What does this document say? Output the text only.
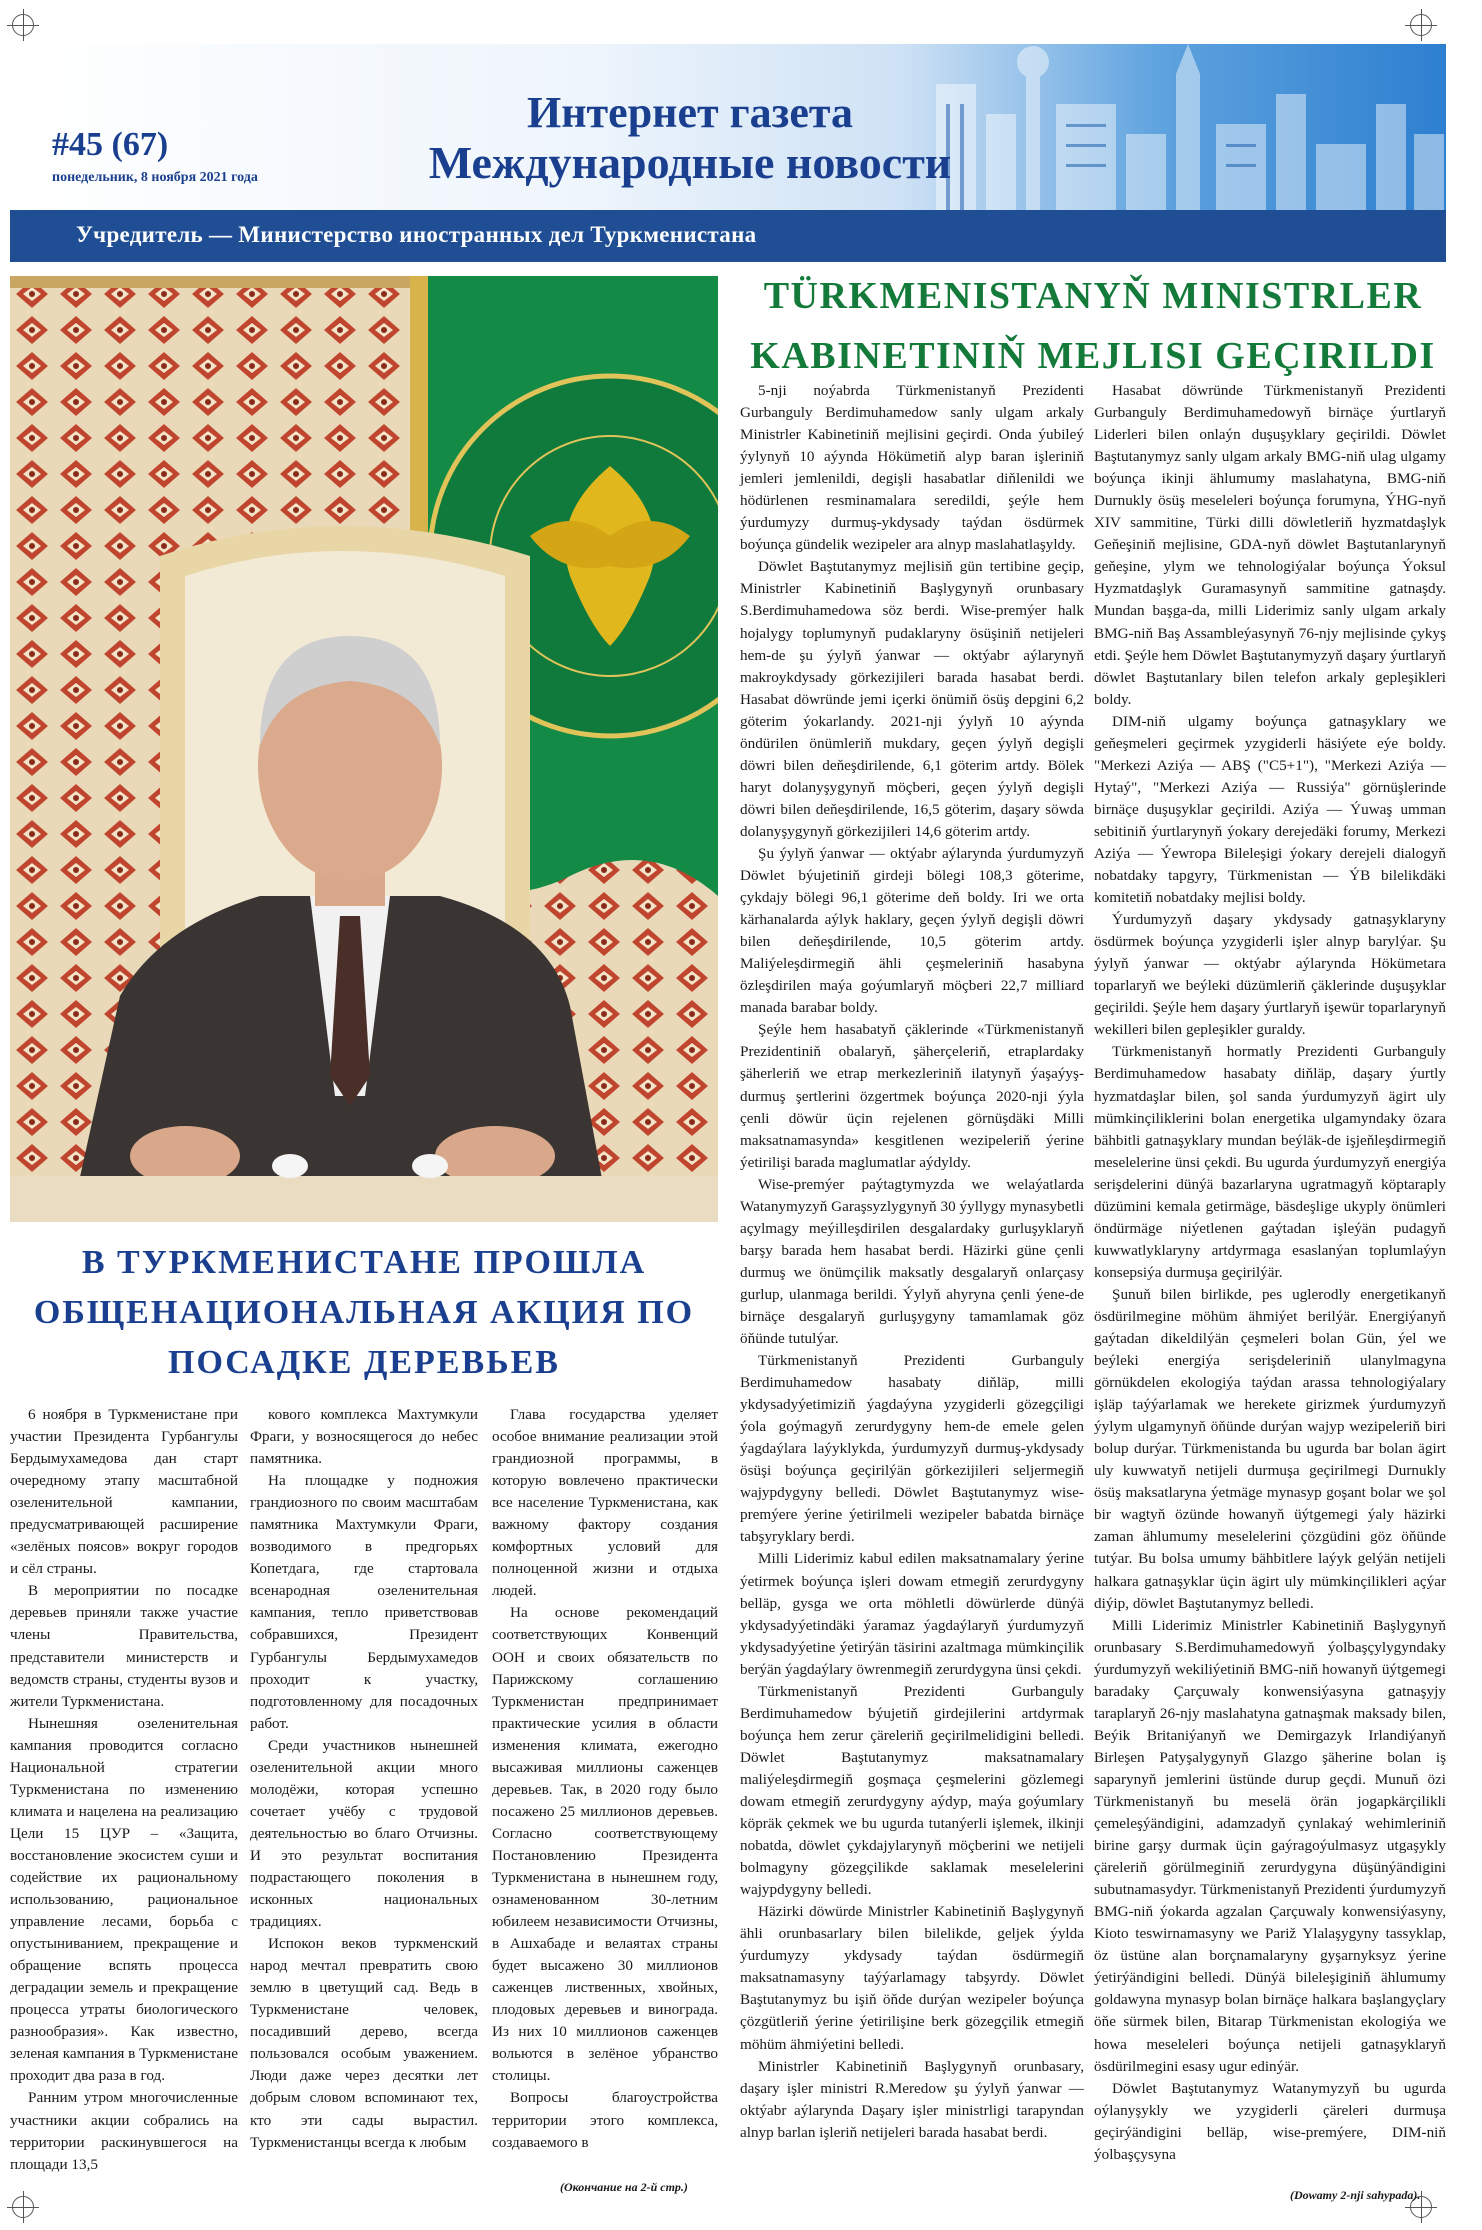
#45 (67)
понедельник, 8 ноября 2021 года
Интернет газета
Международные новости
Учредитель — Министерство иностранных дел Туркменистана
TÜRKMENISTANYŇ MINISTRLER
KABINETINIŇ MEJLISI GEÇIRILDI
В ТУРКМЕНИСТАНЕ ПРОШЛА
ОБЩЕНАЦИОНАЛЬНАЯ АКЦИЯ ПО
ПОСАДКЕ ДЕРЕВЬЕВ

5-nji noýabrda Türkmenistanyň Prezidenti Gurbanguly Berdimuhamedow sanly ulgam arkaly Ministrler Kabinetiniň mejlisini geçirdi. Onda ýubileý ýylynyň 10 aýynda Hökümetiň alyp baran işleriniň jemleri jemlenildi, degişli hasabatlar diňlenildi we hödürlenen resminamalara seredildi, şeýle hem ýurdumyzy durmuş-ykdysady taýdan ösdürmek boýunça gündelik wezipeler ara alnyp maslahatlaşyldy.

Döwlet Baştutanymyz mejlisiň gün tertibine geçip, Ministrler Kabinetiniň Başlygynyň orunbasary S.Berdimuhamedowa söz berdi. Wise-premýer halk hojalygy toplumynyň pudaklaryny ösüşiniň netijeleri hem-de şu ýylyň ýanwar — oktýabr aýlarynyň makroykdysady görkezijileri barada hasabat berdi. Hasabat döwründe jemi içerki önümiň ösüş depgini 6,2 göterim ýokarlandy. 2021-nji ýylyň 10 aýynda öndürilen önümleriň mukdary, geçen ýylyň degişli döwri bilen deňeşdirilende, 6,1 göterim artdy. Bölek haryt dolanyşygynyň möçberi, geçen ýylyň degişli döwri bilen deňeşdirilende, 16,5 göterim, daşary söwda dolanyşygynyň görkezijileri 14,6 göterim artdy.

Şu ýylyň ýanwar — oktýabr aýlarynda ýurdumyzyň Döwlet býujetiniň girdeji bölegi 108,3 göterime, çykdajy bölegi 96,1 göterime deň boldy. Iri we orta kärhanalarda aýlyk haklary, geçen ýylyň degişli döwri bilen deňeşdirilende, 10,5 göterim artdy. Maliýeleşdirmegiň ähli çeşmeleriniň hasabyna özleşdirilen maýa goýumlaryň möçberi 22,7 milliard manada barabar boldy.

Şeýle hem hasabatyň çäklerinde «Türkmenistanyň Prezidentiniň obalaryň, şäherçeleriň, etraplardaky şäherleriň we etrap merkezleriniň ilatynyň ýaşaýyş-durmuş şertlerini özgertmek boýunça 2020-nji ýyla çenli döwür üçin rejelenen görnüşdäki Milli maksatnamasynda» kesgitlenen wezipeleriň ýerine ýetirilişi barada maglumatlar aýdyldy.

Wise-premýer paýtagtymyzda we welaýatlarda Watanymyzyň Garaşsyzlygynyň 30 ýyllygy mynasybetli açylmagy meýilleşdirilen desgalardaky gurluşyklaryň barşy barada hem hasabat berdi. Häzirki güne çenli durmuş we önümçilik maksatly desgalaryň onlarçasy gurlup, ulanmaga berildi. Ýylyň ahyryna çenli ýene-de birnäçe desgalaryň gurluşygyny tamamlamak göz öňünde tutulýar.

Türkmenistanyň Prezidenti Gurbanguly Berdimuhamedow hasabaty diňläp, milli ykdysadyýetimiziň ýagdaýyna yzygiderli gözegçiligi ýola goýmagyň zerurdygyny hem-de emele gelen ýagdaýlara laýyklykda, ýurdumyzyň durmuş-ykdysady ösüşi boýunça geçirilýän görkezijileri seljermegiň wajypdygyny belledi. Döwlet Baştutanymyz wise-premýere ýerine ýetirilmeli wezipeler babatda birnäçe tabşyryklary berdi.

Milli Liderimiz kabul edilen maksatnamalary ýerine ýetirmek boýunça işleri dowam etmegiň zerurdygyny belläp, gysga we orta möhletli döwürlerde dünýä ykdysadyýetindäki ýaramaz ýagdaýlaryň ýurdumyzyň ykdysadyýetine ýetirýän täsirini azaltmaga mümkinçilik berýän ýagdaýlary öwrenmegiň zerurdygyna ünsi çekdi.

Türkmenistanyň Prezidenti Gurbanguly Berdimuhamedow býujetiň girdejilerini artdyrmak boýunça hem zerur çäreleriň geçirilmelidigini belledi. Döwlet Baştutanymyz maksatnamalary maliýeleşdirmegiň goşmaça çeşmelerini gözlemegi dowam etmegiň zerurdygyny aýdyp, maýa goýumlary köpräk çekmek we bu ugurda tutanýerli işlemek, ilkinji nobatda, döwlet çykdajylarynyň möçberini we netijeli bolmagyny gözegçilikde saklamak meselelerini wajypdygyny belledi.

Häzirki döwürde Ministrler Kabinetiniň Başlygynyň ähli orunbasarlary bilen bilelikde, geljek ýylda ýurdumyzy ykdysady taýdan ösdürmegiň maksatnamasyny taýýarlamagy tabşyrdy. Döwlet Baştutanymyz bu işiň öňde durýan wezipeler boýunça çözgütleriň ýerine ýetirilişine berk gözegçilik etmegiň möhüm ähmiýetini belledi.

Ministrler Kabinetiniň Başlygynyň orunbasary, daşary işler ministri R.Meredow şu ýylyň ýanwar — oktýabr aýlarynda Daşary işler ministrligi tarapyndan alnyp barlan işleriň netijeleri barada hasabat berdi.

Hasabat döwründe Türkmenistanyň Prezidenti Gurbanguly Berdimuhamedowyň birnäçe ýurtlaryň Liderleri bilen onlaýn duşuşyklary geçirildi. Döwlet Baştutanymyz sanly ulgam arkaly BMG-niň ulag ulgamy boýunça ikinji ählumumy maslahatyna, BMG-niň Durnukly ösüş meseleleri boýunça forumyna, ÝHG-nyň XIV sammitine, Türki dilli döwletleriň hyzmatdaşlyk Geňeşiniň mejlisine, GDA-nyň döwlet Baştutanlarynyň geňeşine, ylym we tehnologiýalar boýunça Ýoksul Hyzmatdaşlyk Guramasynyň sammitine gatnaşdy. Mundan başga-da, milli Liderimiz sanly ulgam arkaly BMG-niň Baş Assambleýasynyň 76-njy mejlisinde çykyş etdi. Şeýle hem Döwlet Baştutanymyzyň daşary ýurtlaryň döwlet Baştutanlary bilen telefon arkaly gepleşikleri boldy.

DIM-niň ulgamy boýunça gatnaşyklary we geňeşmeleri geçirmek yzygiderli häsiýete eýe boldy. "Merkezi Aziýa — ABŞ ("C5+1"), "Merkezi Aziýa — Hytaý", "Merkezi Aziýa — Russiýa" görnüşlerinde birnäçe duşuşyklar geçirildi. Aziýa — Ýuwaş umman sebitiniň ýurtlarynyň ýokary derejedäki forumy, Merkezi Aziýa — Ýewropa Bileleşigi ýokary derejeli dialogyň nobatdaky tapgyry, Türkmenistan — ÝB bilelikdäki komitetiň nobatdaky mejlisi boldy.

Ýurdumyzyň daşary ykdysady gatnaşyklaryny ösdürmek boýunça yzygiderli işler alnyp barylýar. Şu ýylyň ýanwar — oktýabr aýlarynda Hökümetara toparlaryň we beýleki düzümleriň çäklerinde duşuşyklar geçirildi. Şeýle hem daşary ýurtlaryň işewür toparlarynyň wekilleri bilen gepleşikler guraldy.

Türkmenistanyň hormatly Prezidenti Gurbanguly Berdimuhamedow hasabaty diňläp, daşary ýurtly hyzmatdaşlar bilen, şol sanda ýurdumyzyň ägirt uly mümkinçiliklerini bolan energetika ulgamyndaky özara bähbitli gatnaşyklary mundan beýläk-de işjeňleşdirmegiň meselelerine ünsi çekdi. Bu ugurda ýurdumyzyň energiýa serişdelerini dünýä bazarlaryna ugratmagyň köptaraply düzümini kemala getirmäge, bäsdeşlige ukyply önümleri öndürmäge niýetlenen gaýtadan işleýän pudagyň kuwwatlyklaryny artdyrmaga esaslanýan toplumlaýyn konsepsiýa durmuşa geçirilýär.

Şunuň bilen birlikde, pes uglerodly energetikanyň ösdürilmegine möhüm ähmiýet berilýär. Energiýanyň gaýtadan dikeldilýän çeşmeleri bolan Gün, ýel we beýleki energiýa serişdeleriniň ulanylmagyna görnükdelen ekologiýa taýdan arassa tehnologiýalary işläp taýýarlamak we herekete girizmek ýurdumyzyň ýylym ulgamynyň öňünde durýan wajyp wezipeleriň biri bolup durýar. Türkmenistanda bu ugurda bar bolan ägirt uly kuwwatyň netijeli durmuşa geçirilmegi Durnukly ösüş maksatlaryna ýetmäge mynasyp goşant bolar we şol bir wagtyň özünde howanyň üýtgemegi ýaly häzirki zaman ählumumy meselelerini çözgüdini göz öňünde tutýar. Bu bolsa umumy bähbitlere laýyk gelýän netijeli halkara gatnaşyklar üçin ägirt uly mümkinçilikleri açýar diýip, döwlet Baştutanymyz belledi.

Milli Liderimiz Ministrler Kabinetiniň Başlygynyň orunbasary S.Berdimuhamedowyň ýolbaşçylygyndaky ýurdumyzyň wekiliýetiniň BMG-niň howanyň üýtgemegi baradaky Çarçuwaly konwensiýasyna gatnaşyjy taraplaryň 26-njy maslahatyna gatnaşmak maksady bilen, Beýik Britaniýanyň we Demirgazyk Irlandiýanyň Birleşen Patyşalygynyň Glazgo şäherine bolan iş saparynyň jemlerini üstünde durup geçdi. Munuň özi Türkmenistanyň bu meselä örän jogapkärçilikli çemeleşýändigini, adamzadyň çynlakaý wehimleriniň birine garşy durmak üçin gaýragoýulmasyz utgaşykly çäreleriň görülmeginiň zerurdygyna düşünýändigini subutnamasydyr. Türkmenistanyň Prezidenti ýurdumyzyň BMG-niň ýokarda agzalan Çarçuwaly konwensiýasyny, Kioto teswirnamasyny we Pariž Ylalaşygyny tassyklap, öz üstüne alan borçnamalaryny gyşarnyksyz ýerine ýetirýändigini belledi. Dünýä bileleşiginiň ählumumy goldawyna mynasyp bolan birnäçe halkara başlangyçlary öňe sürmek bilen, Bitarap Türkmenistan ekologiýa we howa meseleleri boýunça netijeli gatnaşyklaryň ösdürilmegini esasy ugur edinýär.

Döwlet Baştutanymyz Watanymyzyň bu ugurda oýlanyşykly we yzygiderli çäreleri durmuşa geçirýändigini belläp, wise-premýere, DIM-niň ýolbaşçysyna

6 ноября в Туркменистане при участии Президента Гурбангулы Бердымухамедова дан старт очередному этапу масштабной озеленительной кампании, предусматривающей расширение «зелёных поясов» вокруг городов и сёл страны.

В мероприятии по посадке деревьев приняли также участие члены Правительства, представители министерств и ведомств страны, студенты вузов и жители Туркменистана.

Нынешняя озеленительная кампания проводится согласно Национальной стратегии Туркменистана по изменению климата и нацелена на реализацию Цели 15 ЦУР – «Защита, восстановление экосистем суши и содействие их рациональному использованию, рациональное управление лесами, борьба с опустыниванием, прекращение и обращение вспять процесса деградации земель и прекращение процесса утраты биологического разнообразия». Как известно, зеленая кампания в Туркменистане проходит два раза в год.

Ранним утром многочисленные участники акции собрались на территории раскинувшегося на площади 13,5

кового комплекса Махтумкули Фраги, у возносящегося до небес памятника.

На площадке у подножия грандиозного по своим масштабам памятника Махтумкули Фраги, возводимого в предгорьях Копетдага, где стартовала всенародная озеленительная кампания, тепло приветствовав собравшихся, Президент Гурбангулы Бердымухамедов проходит к участку, подготовленному для посадочных работ.

Среди участников нынешней озеленительной акции много молодёжи, которая успешно сочетает учёбу с трудовой деятельностью во благо Отчизны. И это результат воспитания подрастающего поколения в исконных национальных традициях.

Испокон веков туркменский народ мечтал превратить свою землю в цветущий сад. Ведь в Туркменистане человек, посадивший дерево, всегда пользовался особым уважением. Люди даже через десятки лет добрым словом вспоминают тех, кто эти сады вырастил. Туркменистанцы всегда к любым

Глава государства уделяет особое внимание реализации этой грандиозной программы, в которую вовлечено практически все население Туркменистана, как важному фактору создания комфортных условий для полноценной жизни и отдыха людей.

На основе рекомендаций соответствующих Конвенций ООН и своих обязательств по Парижскому соглашению Туркменистан предпринимает практические усилия в области изменения климата, ежегодно высаживая миллионы саженцев деревьев. Так, в 2020 году было посажено 25 миллионов деревьев. Согласно соответствующему Постановлению Президента Туркменистана в нынешнем году, ознаменованном 30-летним юбилеем независимости Отчизны, в Ашхабаде и велаятах страны будет высажено 30 миллионов саженцев лиственных, хвойных, плодовых деревьев и винограда. Из них 10 миллионов саженцев вольются в зелёное убранство столицы.

Вопросы благоустройства территории этого комплекса, создаваемого в

(Окончание на 2-й стр.)
(Dowamy 2-nji sahypada).
